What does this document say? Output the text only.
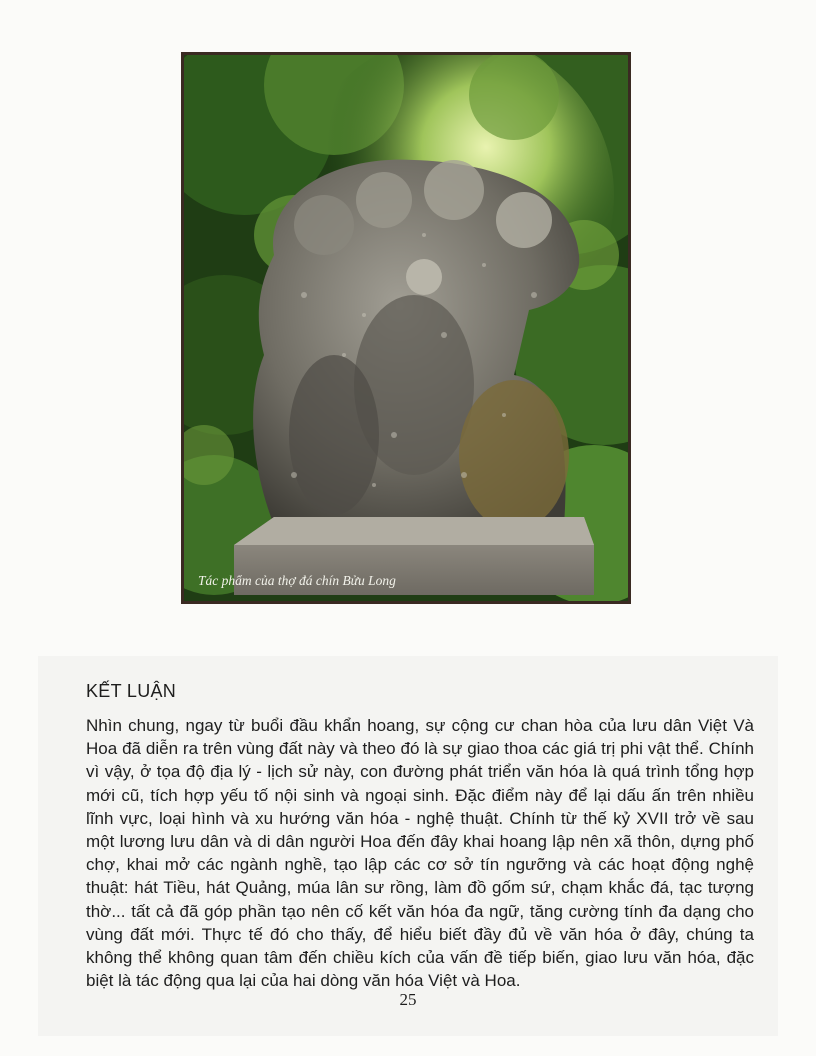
Tác phẩm của thợ đá chín Bửu Long
KẾT LUẬN

Nhìn chung, ngay từ buổi đầu khẩn hoang, sự cộng cư chan hòa của lưu dân Việt Và Hoa đã diễn ra trên vùng đất này và theo đó là sự giao thoa các giá trị phi vật thể. Chính vì vậy, ở tọa độ địa lý - lịch sử này, con đường phát triển văn hóa là quá trình tổng hợp mới cũ, tích hợp yếu tố nội sinh và ngoại sinh. Đặc điểm này để lại dấu ấn trên nhiều lĩnh vực, loại hình và xu hướng văn hóa - nghệ thuật. Chính từ thế kỷ XVII trở về sau một lương lưu dân và di dân người Hoa đến đây khai hoang lập nên xã thôn, dựng phố chợ, khai mở các ngành nghề, tạo lập các cơ sở tín ngưỡng và các hoạt động nghệ thuật: hát Tiều, hát Quảng, múa lân sư rồng, làm đồ gốm sứ, chạm khắc đá, tạc tượng thờ... tất cả đã góp phần tạo nên cố kết văn hóa đa ngữ, tăng cường tính đa dạng cho vùng đất mới. Thực tế đó cho thấy, để hiểu biết đầy đủ về văn hóa ở đây, chúng ta không thể không quan tâm đến chiều kích của vấn đề tiếp biến, giao lưu văn hóa, đặc biệt là tác động qua lại của hai dòng văn hóa Việt và Hoa.

25
